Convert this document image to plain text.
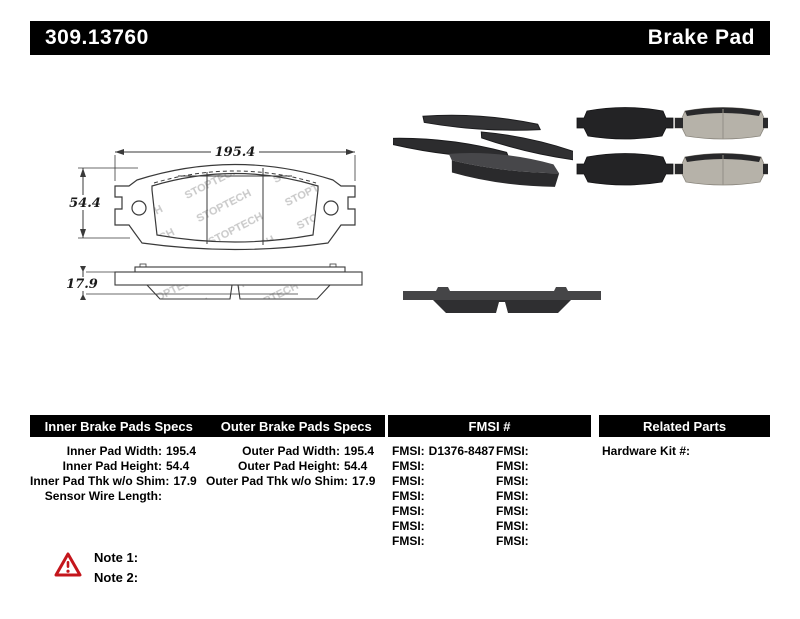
309.13760	Brake Pad
195.4
54.4
17.9
Inner Brake Pads Specs	Outer Brake Pads Specs	FMSI #	Related Parts
Inner Pad Width: 195.4
Inner Pad Height: 54.4
Inner Pad Thk w/o Shim: 17.9
Sensor Wire Length:
Outer Pad Width: 195.4
Outer Pad Height: 54.4
Outer Pad Thk w/o Shim: 17.9
FMSI: D1376-8487
FMSI:
FMSI:
FMSI:
FMSI:
FMSI:
FMSI:
FMSI:
FMSI:
FMSI:
FMSI:
FMSI:
FMSI:
FMSI:
Hardware Kit #:
Note 1:
Note 2:
